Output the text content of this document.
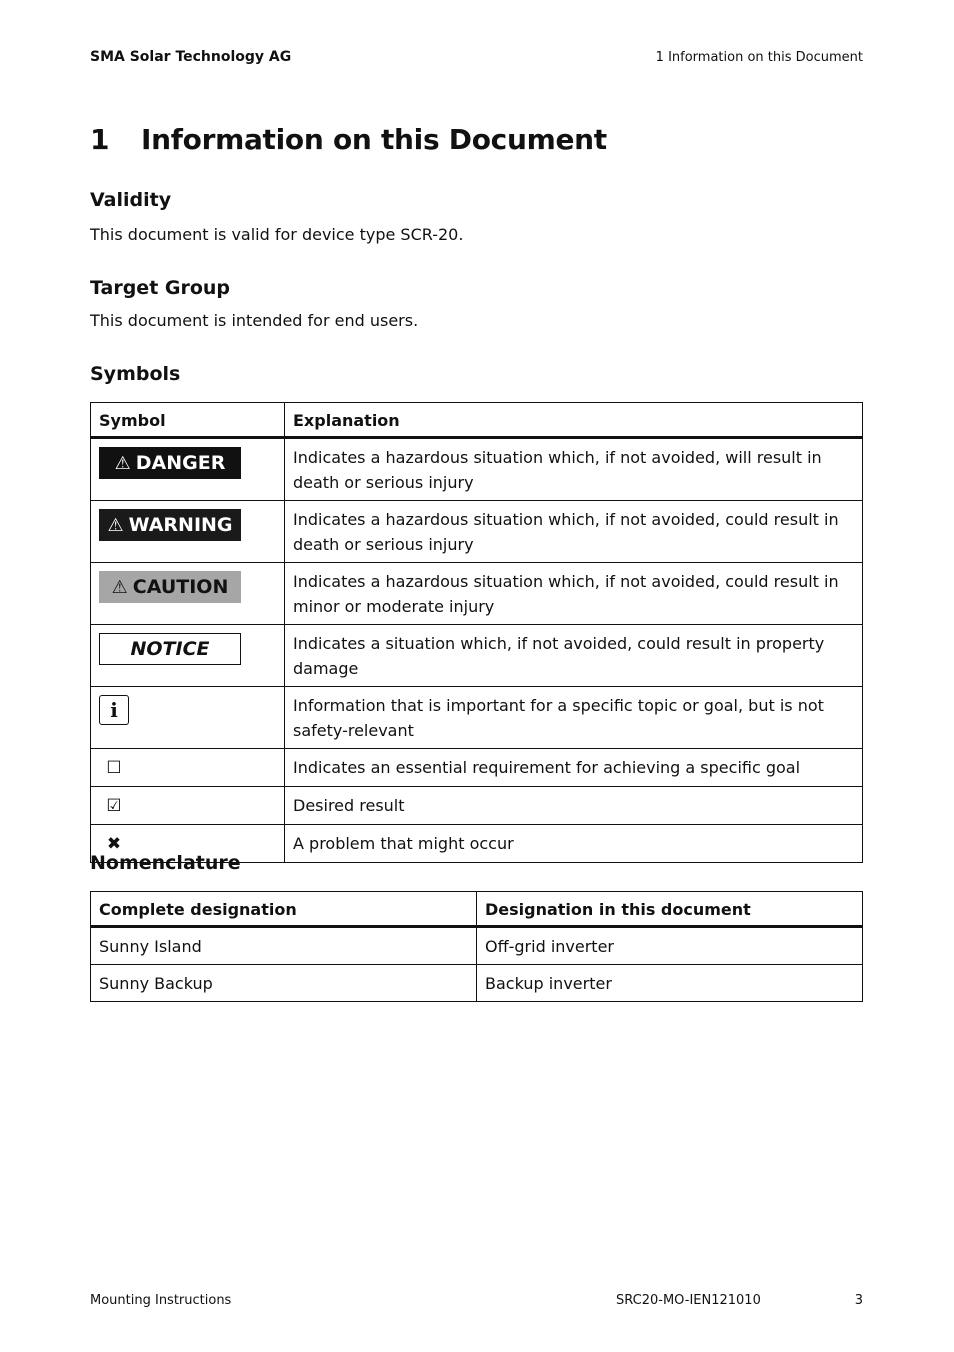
SMA Solar Technology AG	1 Information on this Document
1 Information on this Document
Validity
This document is valid for device type SCR-20.
Target Group
This document is intended for end users.
Symbols
Symbol	Explanation

⚠ DANGER	Indicates a hazardous situation which, if not avoided, will result in death or serious injury

⚠ WARNING	Indicates a hazardous situation which, if not avoided, could result in death or serious injury

⚠ CAUTION	Indicates a hazardous situation which, if not avoided, could result in minor or moderate injury
NOTICE	Indicates a situation which, if not avoided, could result in property damage
i	Information that is important for a specific topic or goal, but is not safety-relevant
☐	Indicates an essential requirement for achieving a specific goal
☑	Desired result
✖	A problem that might occur
Nomenclature
Complete designation	Designation in this document
Sunny Island	Off-grid inverter
Sunny Backup	Backup inverter
Mounting Instructions	SRC20-MO-IEN121010	3
